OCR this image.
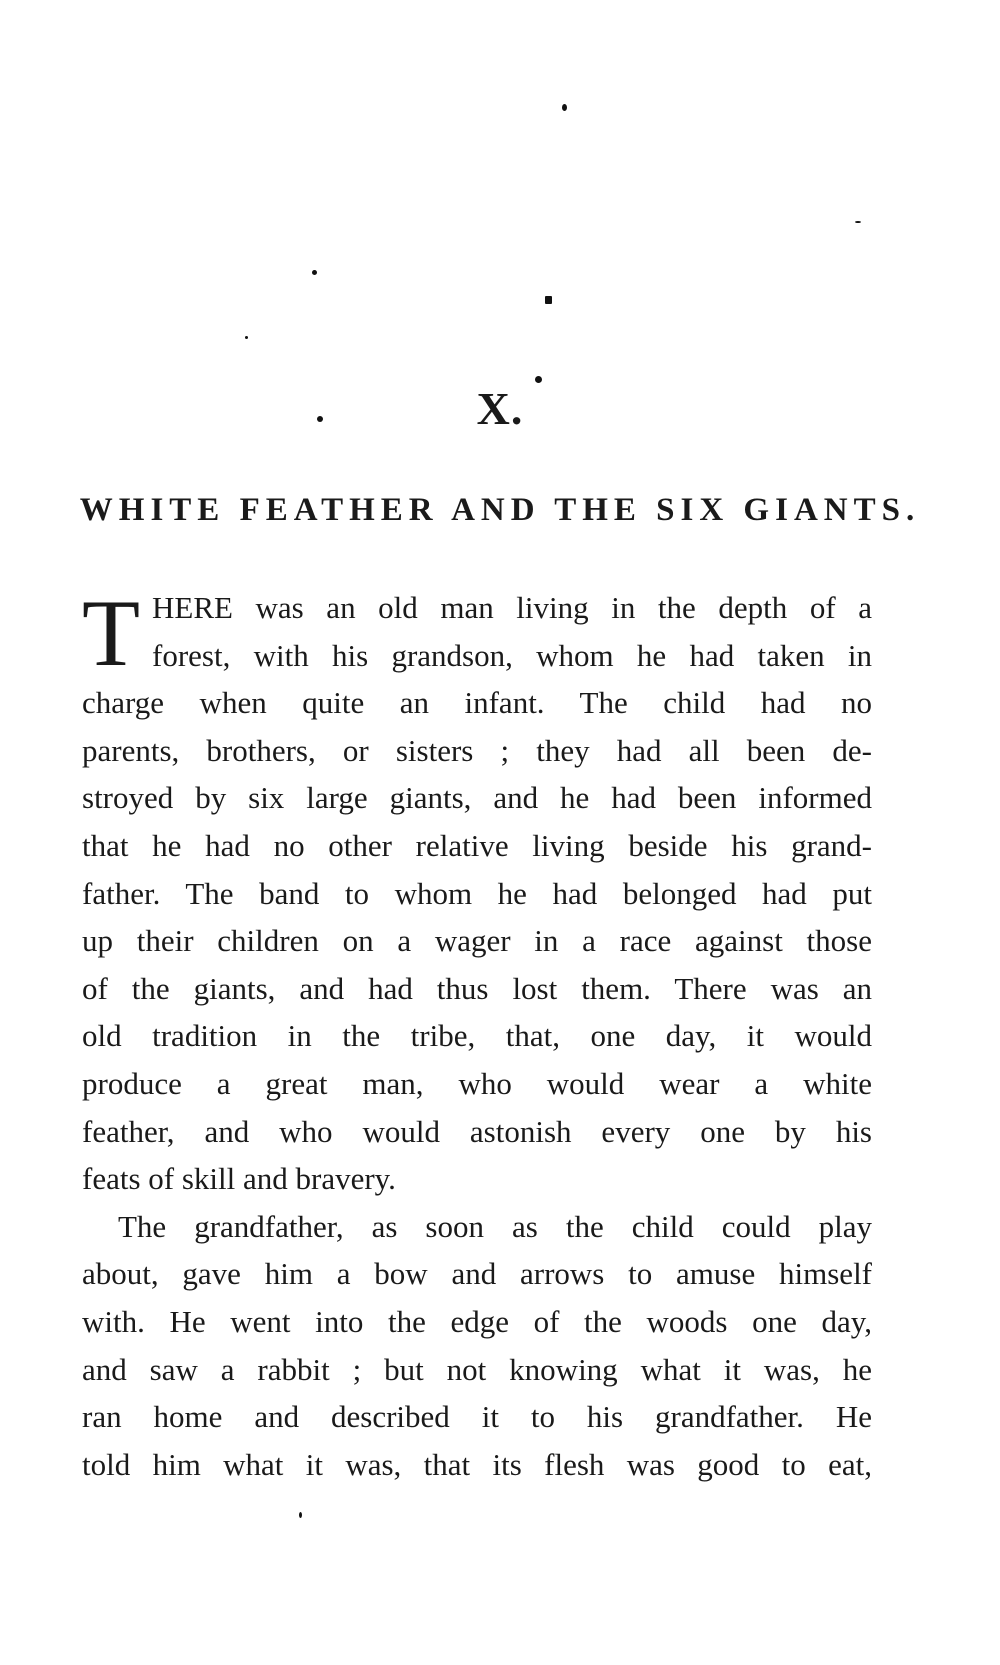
X.
WHITE FEATHER AND THE SIX GIANTS.
T HERE was an old man living in the depth of a
forest, with his grandson, whom he had taken in
charge when quite an infant. The child had no
parents, brothers, or sisters ; they had all been de-
stroyed by six large giants, and he had been informed
that he had no other relative living beside his grand-
father. The band to whom he had belonged had put
up their children on a wager in a race against those
of the giants, and had thus lost them. There was an
old tradition in the tribe, that, one day, it would
produce a great man, who would wear a white
feather, and who would astonish every one by his
feats of skill and bravery.
The grandfather, as soon as the child could play
about, gave him a bow and arrows to amuse himself
with. He went into the edge of the woods one day,
and saw a rabbit ; but not knowing what it was, he
ran home and described it to his grandfather. He
told him what it was, that its flesh was good to eat,
